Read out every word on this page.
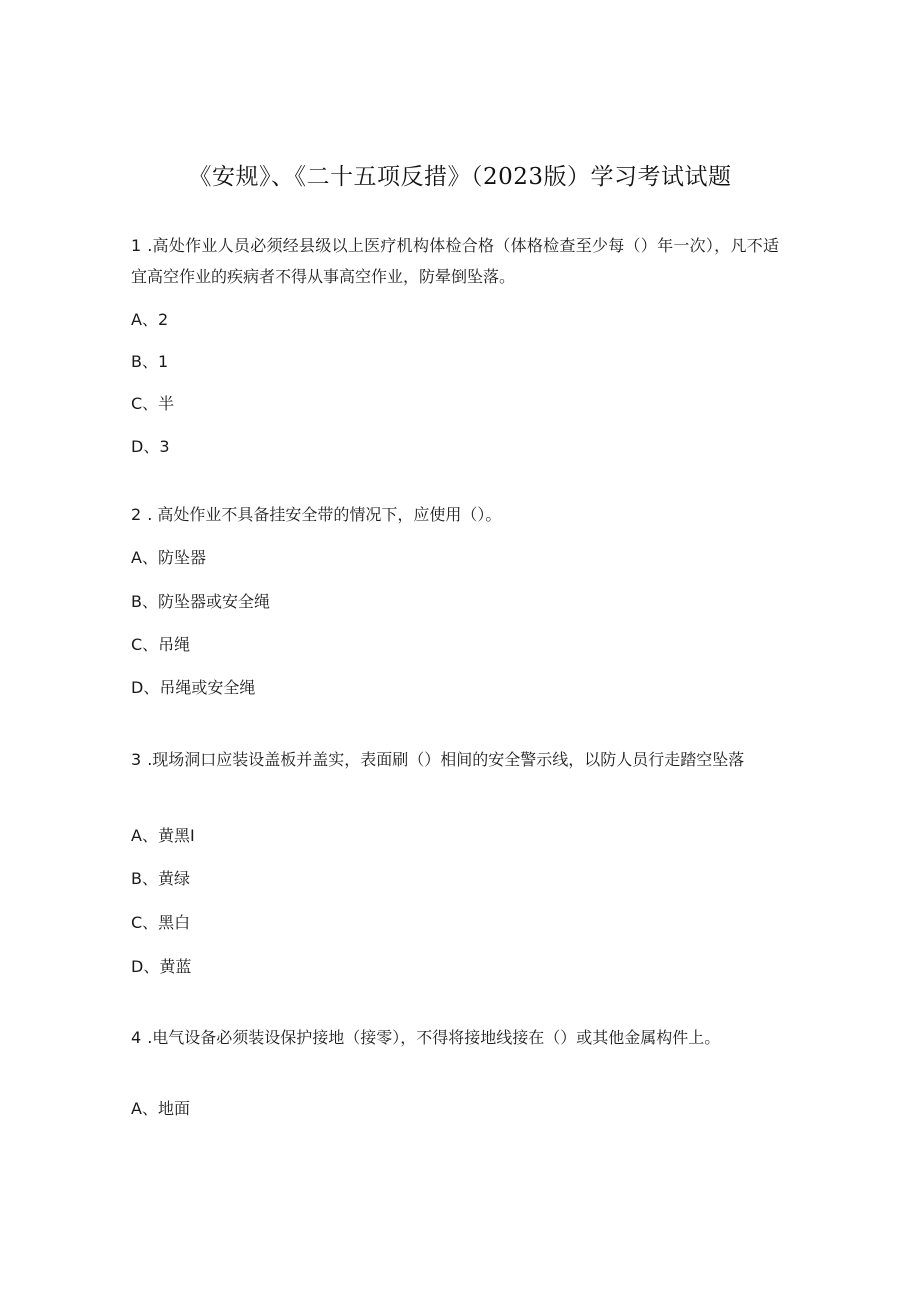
《安规》、《二十五项反措》（2023版）学习考试试题

1 .高处作业人员必须经县级以上医疗机构体检合格（体格检查至少每（）年一次），凡不适宜高空作业的疾病者不得从事高空作业，防晕倒坠落。

A、2
B、1
C、半
D、3

2 . 高处作业不具备挂安全带的情况下，应使用（）。

A、防坠器
B、防坠器或安全绳
C、吊绳
D、吊绳或安全绳

3 .现场洞口应装设盖板并盖实，表面刷（）相间的安全警示线，以防人员行走踏空坠落

A、黄黑I
B、黄绿
C、黑白
D、黄蓝

4 .电气设备必须装设保护接地（接零），不得将接地线接在（）或其他金属构件上。

A、地面
